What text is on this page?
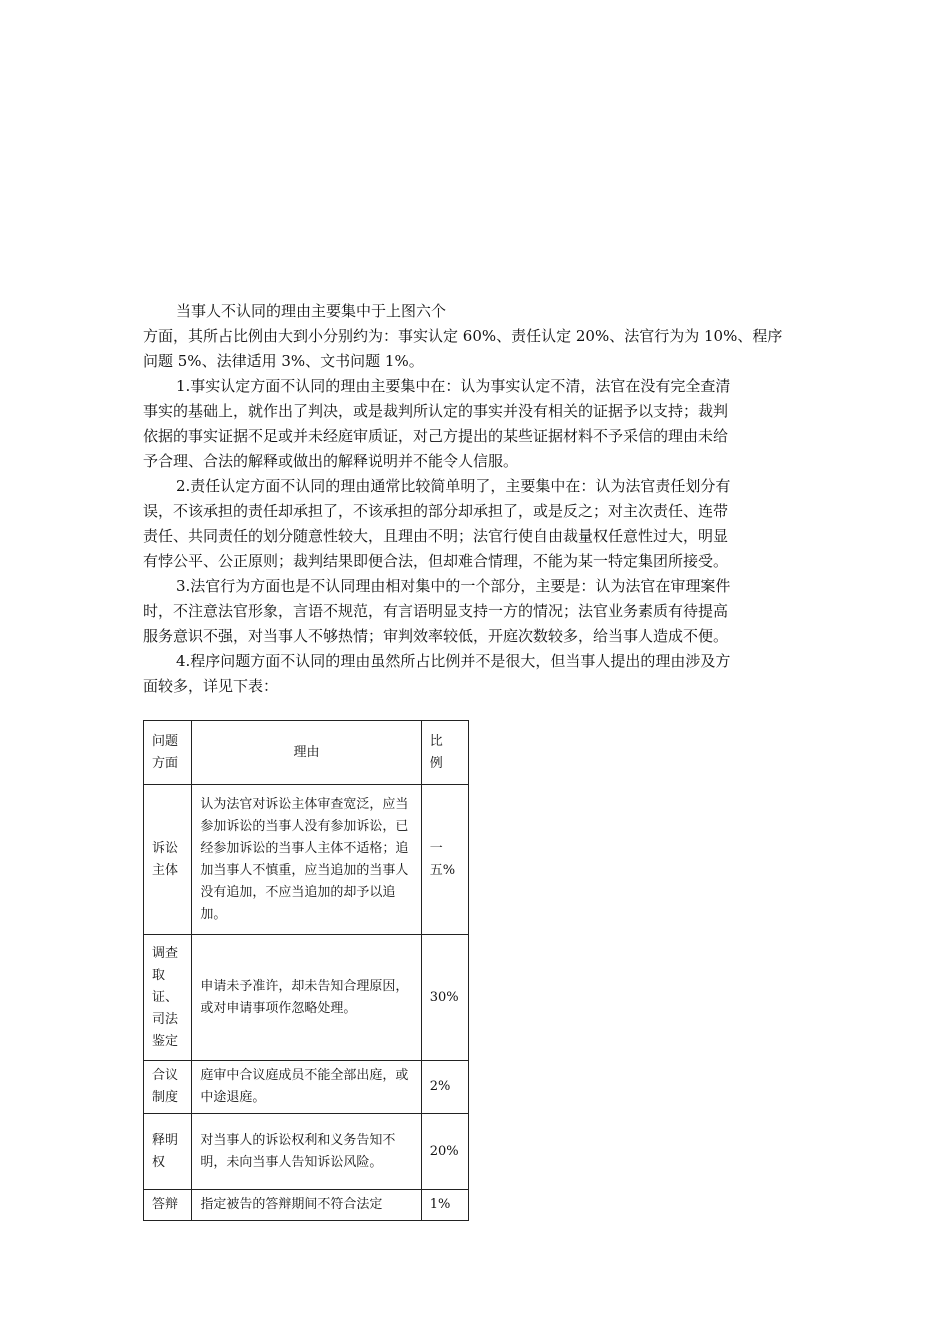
当事人不认同的理由主要集中于上图六个
方面，其所占比例由大到小分别约为：事实认定 60%、责任认定 20%、法官行为为 10%、程序
问题 5%、法律适用 3%、文书问题 1%。
1.事实认定方面不认同的理由主要集中在：认为事实认定不清，法官在没有完全查清
事实的基础上，就作出了判决，或是裁判所认定的事实并没有相关的证据予以支持；裁判
依据的事实证据不足或并未经庭审质证，对己方提出的某些证据材料不予采信的理由未给
予合理、合法的解释或做出的解释说明并不能令人信服。
2.责任认定方面不认同的理由通常比较简单明了，主要集中在：认为法官责任划分有
误，不该承担的责任却承担了，不该承担的部分却承担了，或是反之；对主次责任、连带
责任、共同责任的划分随意性较大，且理由不明；法官行使自由裁量权任意性过大，明显
有悖公平、公正原则；裁判结果即便合法，但却难合情理，不能为某一特定集团所接受。
3.法官行为方面也是不认同理由相对集中的一个部分，主要是：认为法官在审理案件
时，不注意法官形象，言语不规范，有言语明显支持一方的情况；法官业务素质有待提高
服务意识不强，对当事人不够热情；审判效率较低，开庭次数较多，给当事人造成不便。
4.程序问题方面不认同的理由虽然所占比例并不是很大，但当事人提出的理由涉及方
面较多，详见下表：
问题方面	理由	比例

诉讼主体	认为法官对诉讼主体审查宽泛，应当参加诉讼的当事人没有参加诉讼，已经参加诉讼的当事人主体不适格；追加当事人不慎重，应当追加的当事人没有追加，不应当追加的却予以追加。	一五%

调查取证、司法鉴定	申请未予准许，却未告知合理原因，或对申请事项作忽略处理。	30%

合议制度	庭审中合议庭成员不能全部出庭，或中途退庭。	2%

释明权	对当事人的诉讼权利和义务告知不明，未向当事人告知诉讼风险。	20%
答辩	指定被告的答辩期间不符合法定	1%
